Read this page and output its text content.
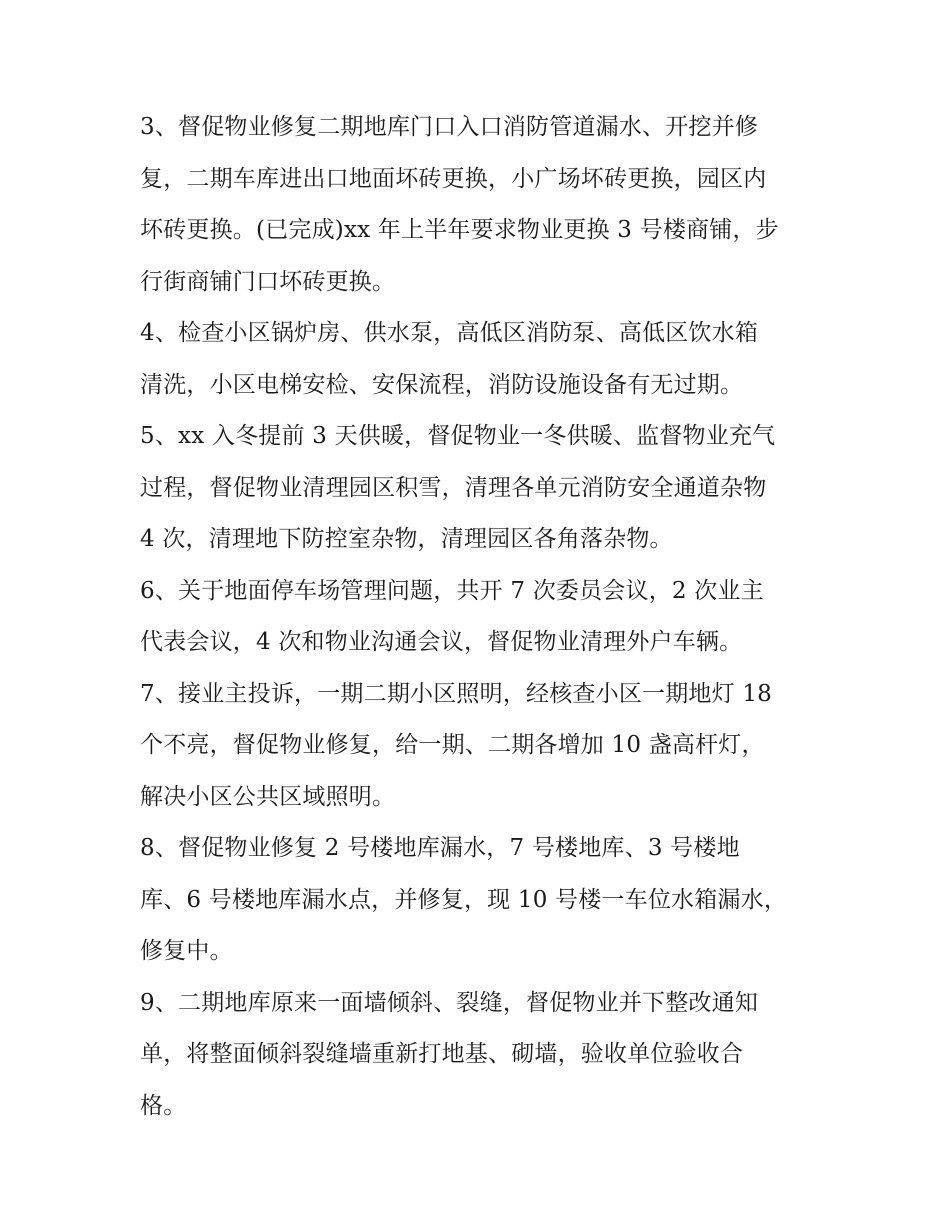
3、督促物业修复二期地库门口入口消防管道漏水、开挖并修
复，二期车库进出口地面坏砖更换，小广场坏砖更换，园区内
坏砖更换。(已完成)xx 年上半年要求物业更换 3 号楼商铺，步
行街商铺门口坏砖更换。
4、检查小区锅炉房、供水泵，高低区消防泵、高低区饮水箱
清洗，小区电梯安检、安保流程，消防设施设备有无过期。
5、xx 入冬提前 3 天供暖，督促物业一冬供暖、监督物业充气
过程，督促物业清理园区积雪，清理各单元消防安全通道杂物
4 次，清理地下防控室杂物，清理园区各角落杂物。
6、关于地面停车场管理问题，共开 7 次委员会议，2 次业主
代表会议，4 次和物业沟通会议，督促物业清理外户车辆。
7、接业主投诉，一期二期小区照明，经核查小区一期地灯 18
个不亮，督促物业修复，给一期、二期各增加 10 盏高杆灯，
解决小区公共区域照明。
8、督促物业修复 2 号楼地库漏水，7 号楼地库、3 号楼地
库、6 号楼地库漏水点，并修复，现 10 号楼一车位水箱漏水，
修复中。
9、二期地库原来一面墙倾斜、裂缝，督促物业并下整改通知
单，将整面倾斜裂缝墙重新打地基、砌墙，验收单位验收合
格。
